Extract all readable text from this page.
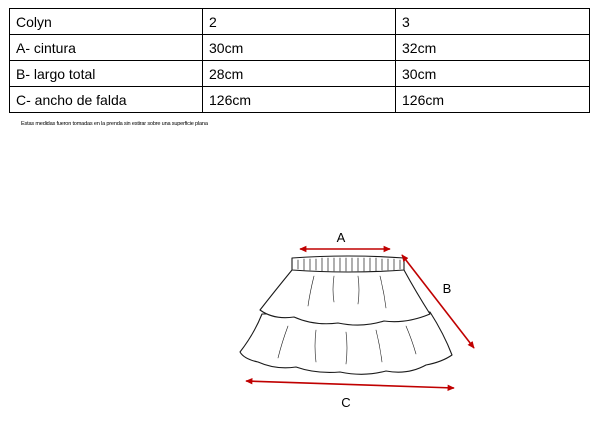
Colyn	2	3
A- cintura	30cm	32cm
B- largo total	28cm	30cm
C- ancho de falda	126cm	126cm
Estas medidas fueron tomadas en la prenda sin estirar sobre una superficie plana
A
B
C
